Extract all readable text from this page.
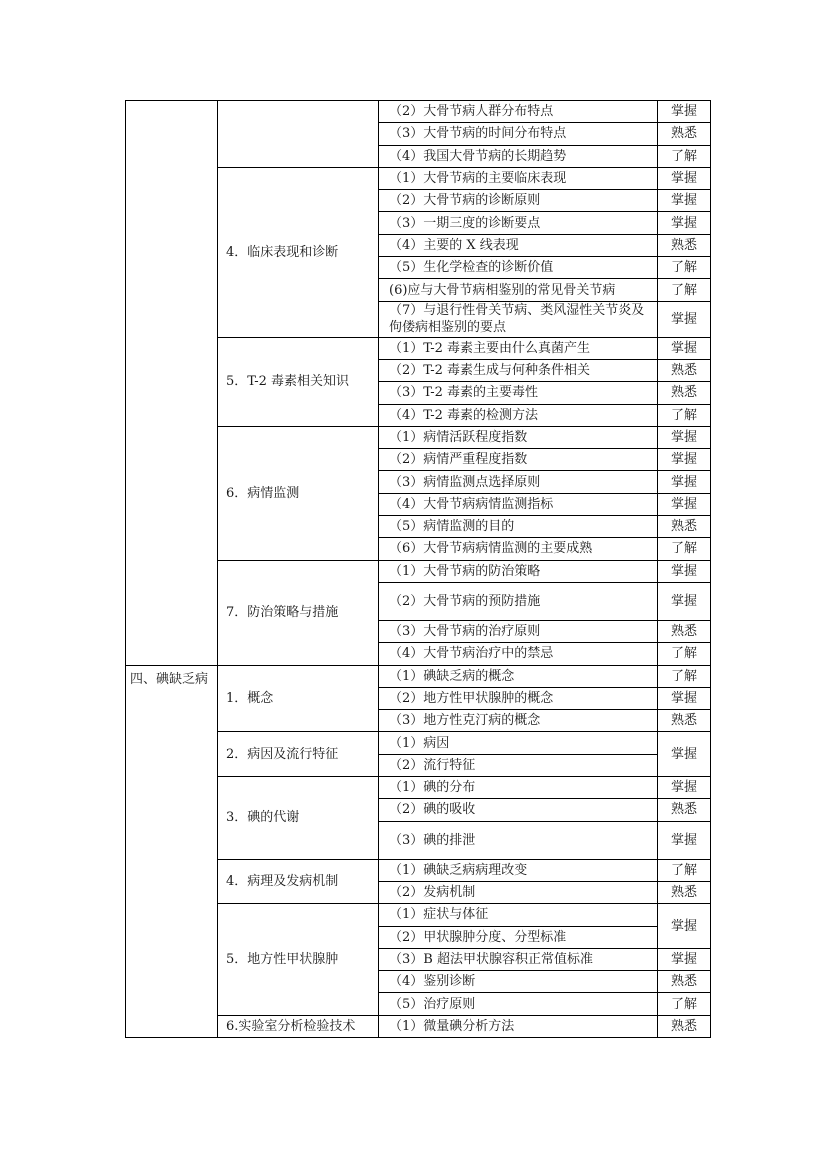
		（2）大骨节病人群分布特点	掌握
		（3）大骨节病的时间分布特点	熟悉
		（4）我国大骨节病的长期趋势	了解
	4．临床表现和诊断	（1）大骨节病的主要临床表现	掌握
		（2）大骨节病的诊断原则	掌握
		（3）一期三度的诊断要点	掌握
		（4）主要的 X 线表现	熟悉
		（5）生化学检查的诊断价值	了解
		(6)应与大骨节病相鉴别的常见骨关节病	了解
		（7）与退行性骨关节病、类风湿性关节炎及佝偻病相鉴别的要点	掌握
	5．T-2 毒素相关知识	（1）T-2 毒素主要由什么真菌产生	掌握
		（2）T-2 毒素生成与何种条件相关	熟悉
		（3）T-2 毒素的主要毒性	熟悉
		（4）T-2 毒素的检测方法	了解
	6．病情监测	（1）病情活跃程度指数	掌握
		（2）病情严重程度指数	掌握
		（3）病情监测点选择原则	掌握
		（4）大骨节病病情监测指标	掌握
		（5）病情监测的目的	熟悉
		（6）大骨节病病情监测的主要成熟	了解
	7．防治策略与措施	（1）大骨节病的防治策略	掌握
		（2）大骨节病的预防措施	掌握
		（3）大骨节病的治疗原则	熟悉
		（4）大骨节病治疗中的禁忌	了解
四、碘缺乏病	1．概念	（1）碘缺乏病的概念	了解
		（2）地方性甲状腺肿的概念	掌握
		（3）地方性克汀病的概念	熟悉
	2．病因及流行特征	（1）病因	掌握
		（2）流行特征	
	3．碘的代谢	（1）碘的分布	掌握
		（2）碘的吸收	熟悉
		（3）碘的排泄	掌握
	4．病理及发病机制	（1）碘缺乏病病理改变	了解
		（2）发病机制	熟悉
	5．地方性甲状腺肿	（1）症状与体征	掌握
		（2）甲状腺肿分度、分型标准	
		（3）B 超法甲状腺容积正常值标准	掌握
		（4）鉴别诊断	熟悉
		（5）治疗原则	了解
	6.实验室分析检验技术	（1）微量碘分析方法	熟悉
